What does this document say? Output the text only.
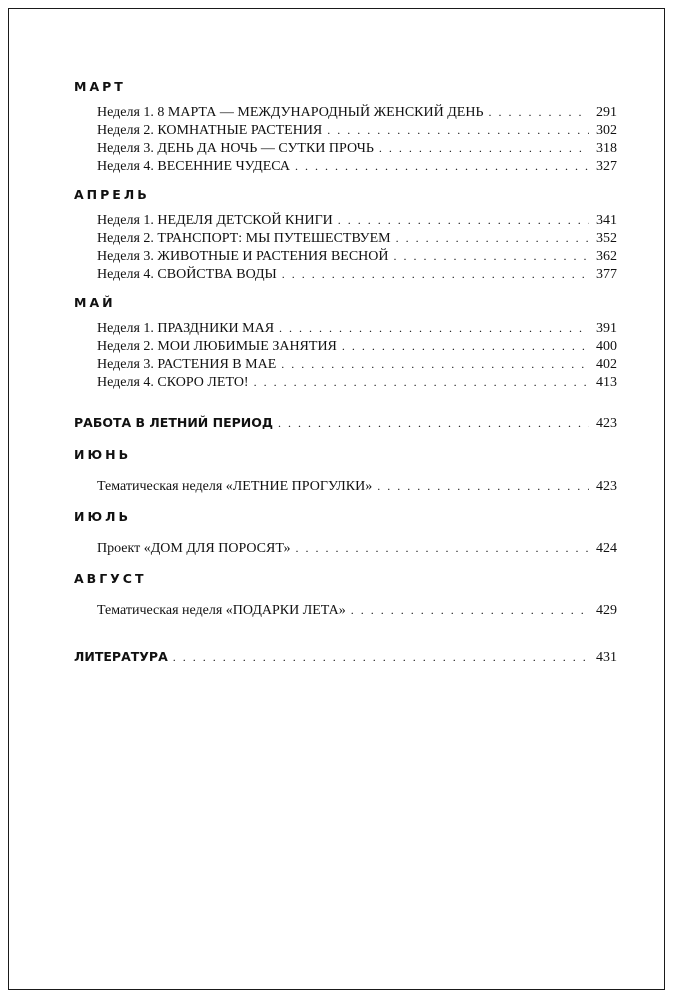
МАРТ
Неделя 1. 8 МАРТА — МЕЖДУНАРОДНЫЙ ЖЕНСКИЙ ДЕНЬ . . .	291
Неделя 2. КОМНАТНЫЕ РАСТЕНИЯ . . .	302
Неделя 3. ДЕНЬ ДА НОЧЬ — СУТКИ ПРОЧЬ . . .	318
Неделя 4. ВЕСЕННИЕ ЧУДЕСА . . .	327
АПРЕЛЬ
Неделя 1. НЕДЕЛЯ ДЕТСКОЙ КНИГИ . . .	341
Неделя 2. ТРАНСПОРТ: МЫ ПУТЕШЕСТВУЕМ . . .	352
Неделя 3. ЖИВОТНЫЕ И РАСТЕНИЯ ВЕСНОЙ . . .	362
Неделя 4. СВОЙСТВА ВОДЫ . . .	377
МАЙ
Неделя 1. ПРАЗДНИКИ МАЯ . . .	391
Неделя 2. МОИ ЛЮБИМЫЕ ЗАНЯТИЯ . . .	400
Неделя 3. РАСТЕНИЯ В МАЕ . . .	402
Неделя 4. СКОРО ЛЕТО! . . .	413
РАБОТА В ЛЕТНИЙ ПЕРИОД . . .	423
ИЮНЬ
Тематическая неделя «ЛЕТНИЕ ПРОГУЛКИ» . . .	423
ИЮЛЬ
Проект «ДОМ ДЛЯ ПОРОСЯТ» . . .	424
АВГУСТ
Тематическая неделя «ПОДАРКИ ЛЕТА» . . .	429
ЛИТЕРАТУРА . . .	431
